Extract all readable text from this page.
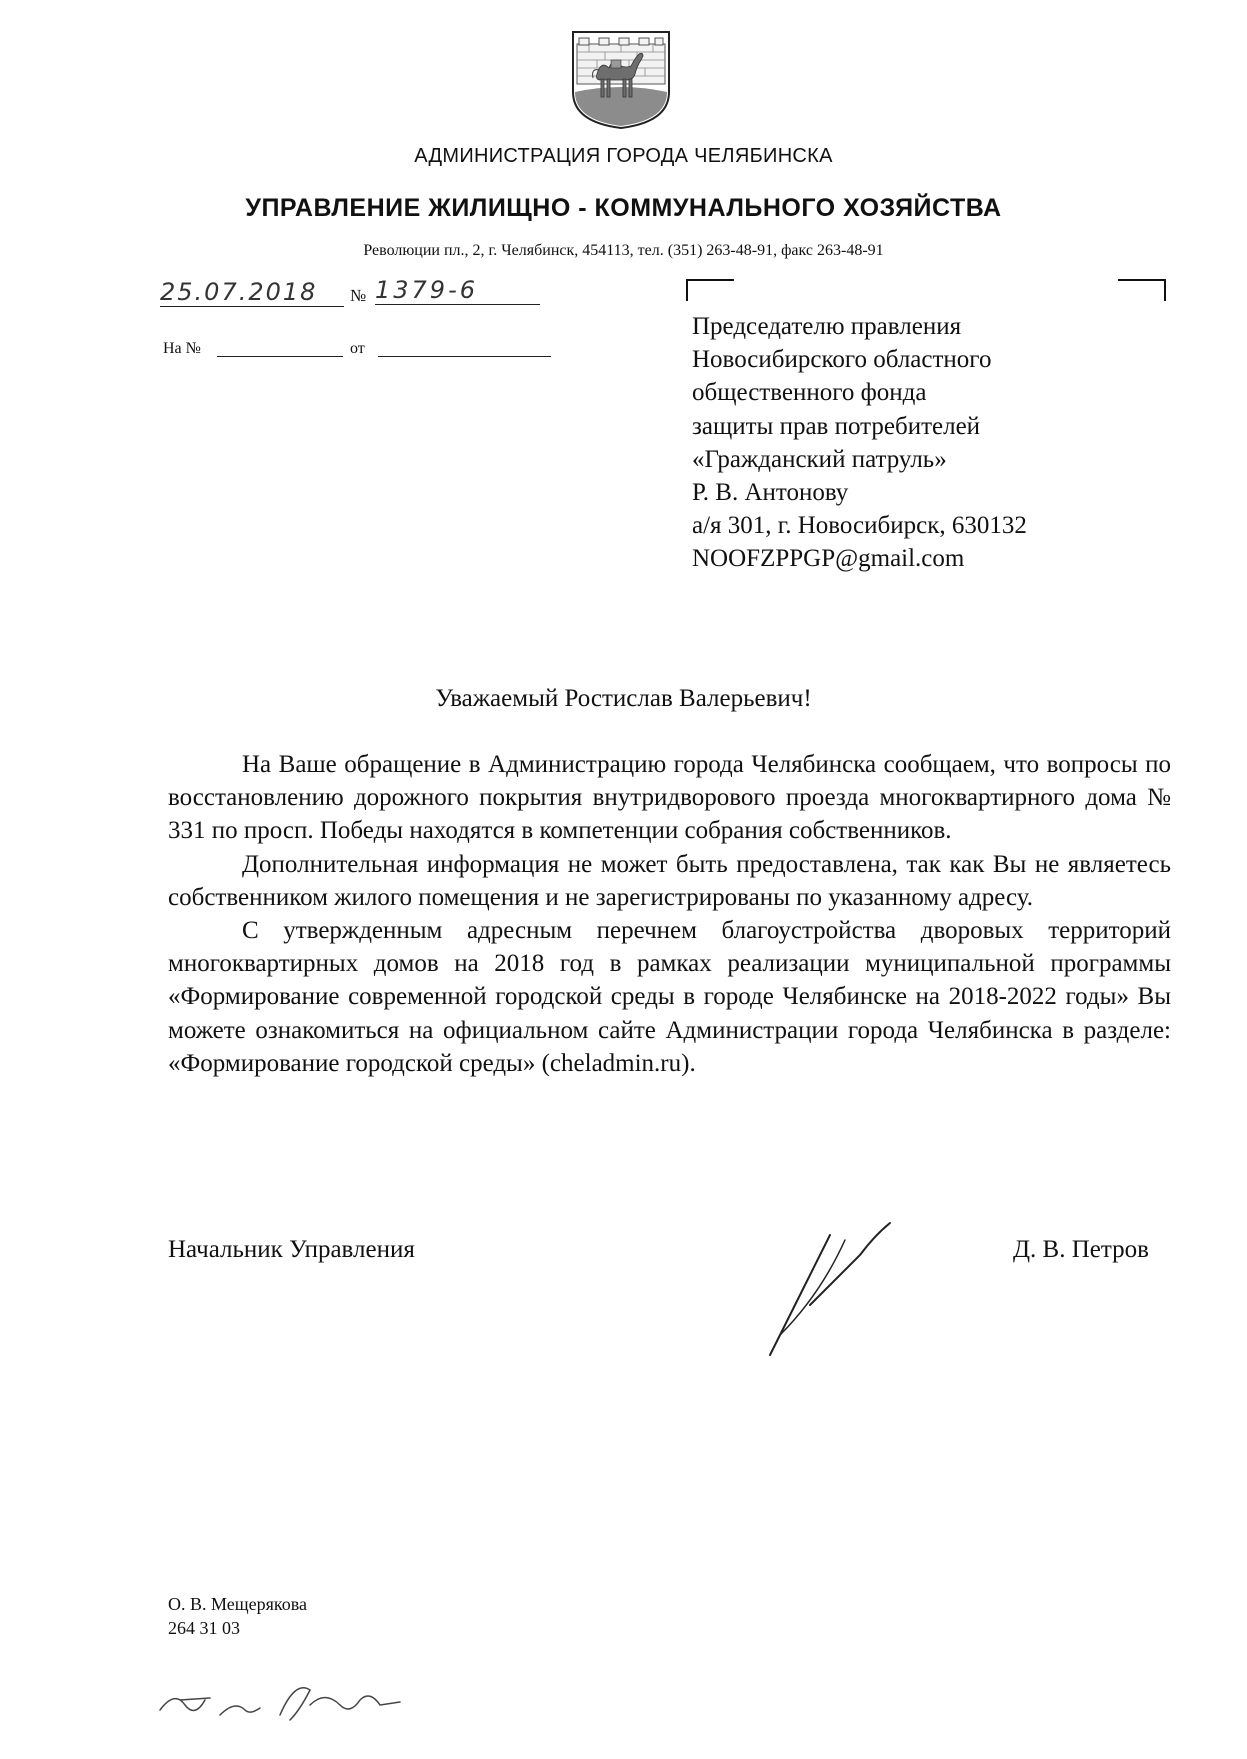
АДМИНИСТРАЦИЯ ГОРОДА ЧЕЛЯБИНСКА
УПРАВЛЕНИЕ ЖИЛИЩНО - КОММУНАЛЬНОГО ХОЗЯЙСТВА
Революции пл., 2, г. Челябинск, 454113, тел. (351) 263-48-91, факс 263-48-91
25.07.2018	№ 1379-6
На №	от
Председателю правления
Новосибирского областного
общественного фонда
защиты прав потребителей
«Гражданский патруль»
Р. В. Антонову
а/я 301, г. Новосибирск, 630132
NOOFZPPGP@gmail.com
Уважаемый Ростислав Валерьевич!

На Ваше обращение в Администрацию города Челябинска сообщаем, что вопросы по восстановлению дорожного покрытия внутридворового проезда многоквартирного дома № 331 по просп. Победы находятся в компетенции собрания собственников.

Дополнительная информация не может быть предоставлена, так как Вы не являетесь собственником жилого помещения и не зарегистрированы по указанному адресу.

С утвержденным адресным перечнем благоустройства дворовых территорий многоквартирных домов на 2018 год в рамках реализации муниципальной программы «Формирование современной городской среды в городе Челябинске на 2018-2022 годы» Вы можете ознакомиться на официальном сайте Администрации города Челябинска в разделе: «Формирование городской среды» (cheladmin.ru).

Начальник Управления	Д. В. Петров
О. В. Мещерякова
264 31 03
